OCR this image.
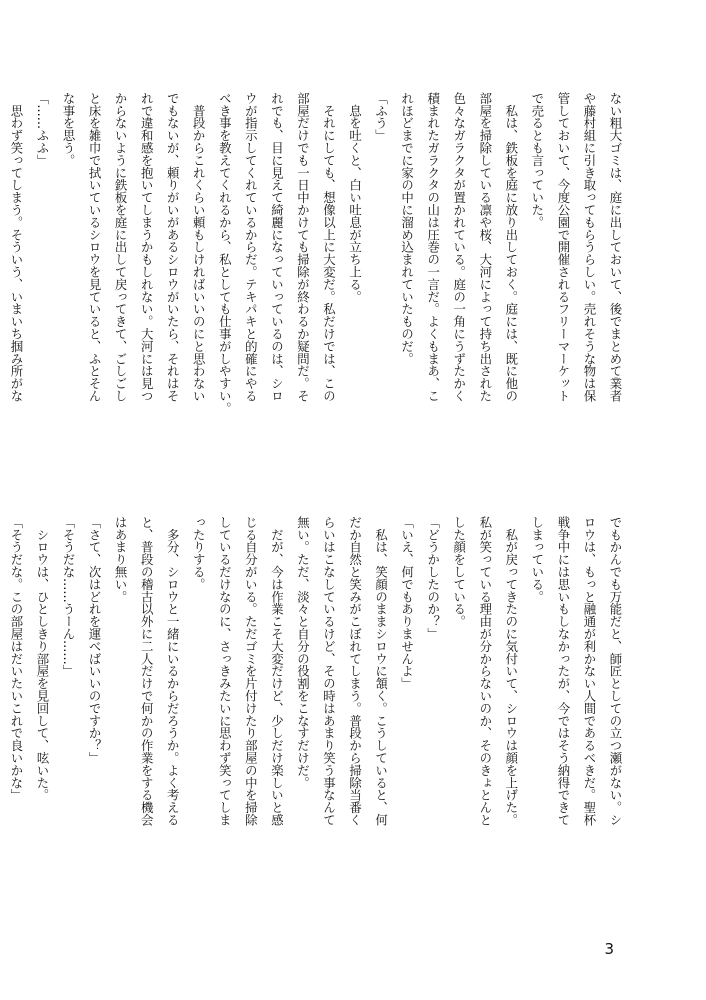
ない粗大ゴミは、庭に出しておいて、後でまとめて業者
や藤村組に引き取ってもらうらしい。売れそうな物は保
管しておいて、今度公園で開催されるフリーマーケット
で売るとも言っていた。
　私は、鉄板を庭に放り出しておく。庭には、既に他の
部屋を掃除している凛や桜、大河によって持ち出された
色々なガラクタが置かれている。庭の一角にうずたかく
積まれたガラクタの山は圧巻の一言だ。よくもまあ、こ
れほどまでに家の中に溜め込まれていたものだ。
「ふう」
　息を吐くと、白い吐息が立ち上る。
　それにしても、想像以上に大変だ。私だけでは、この
部屋だけでも一日中かけても掃除が終わるか疑問だ。そ
れでも、目に見えて綺麗になっていっているのは、シロ
ウが指示してくれているからだ。テキパキと的確にやる
べき事を教えてくれるから、私としても仕事がしやすい。
　普段からこれくらい頼もしければいいのにと思わない
でもないが、頼りがいがあるシロウがいたら、それはそ
れで違和感を抱いてしまうかもしれない。大河には見つ
からないように鉄板を庭に出して戻ってきて、ごしごし
と床を雑巾で拭いているシロウを見ていると、ふとそん
な事を思う。
「……ふふ」
　思わず笑ってしまう。そういう、いまいち掴み所がな
でもかんでも万能だと、師匠としての立つ瀬がない。シ
ロウは、もっと融通が利かない人間であるべきだ。聖杯
戦争中には思いもしなかったが、今ではそう納得できて
しまっている。
　私が戻ってきたのに気付いて、シロウは顔を上げた。
私が笑っている理由が分からないのか、そのきょとんと
した顔をしている。
「どうかしたのか？」
「いえ、何でもありませんよ」
　私は、笑顔のままシロウに頷く。こうしていると、何
だか自然と笑みがこぼれてしまう。普段から掃除当番く
らいはこなしているけど、その時はあまり笑う事なんて
無い。ただ、淡々と自分の役割をこなすだけだ。
　だが、今は作業こそ大変だけど、少しだけ楽しいと感
じる自分がいる。ただゴミを片付けたり部屋の中を掃除
しているだけなのに、さっきみたいに思わず笑ってしま
ったりする。
　多分、シロウと一緒にいるからだろうか。よく考える
と、普段の稽古以外に二人だけで何かの作業をする機会
はあまり無い。
「さて、次はどれを運べばいいのですか？」
「そうだな……うーん……」
　シロウは、ひとしきり部屋を見回して、呟いた。
「そうだな。この部屋はだいたいこれで良いかな」
3
